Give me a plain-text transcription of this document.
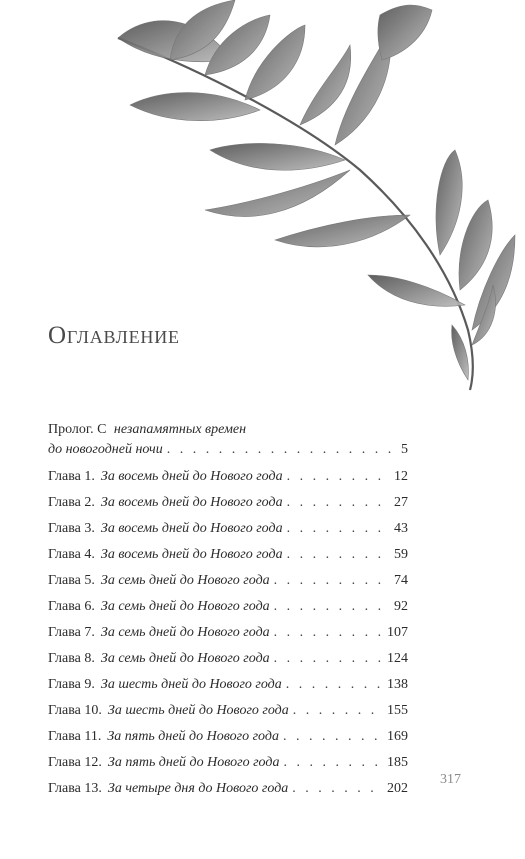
Оглавление
Пролог. С незапамятных времен
до новогодней ночи . . .	5
Глава 1. За восемь дней до Нового года . . .	12
Глава 2. За восемь дней до Нового года . . .	27
Глава 3. За восемь дней до Нового года . . .	43
Глава 4. За восемь дней до Нового года . . .	59
Глава 5. За семь дней до Нового года . . .	74
Глава 6. За семь дней до Нового года . . .	92
Глава 7. За семь дней до Нового года . . .	107
Глава 8. За семь дней до Нового года . . .	124
Глава 9. За шесть дней до Нового года . . .	138
Глава 10. За шесть дней до Нового года . . .	155
Глава 11. За пять дней до Нового года . . .	169
Глава 12. За пять дней до Нового года . . .	185
Глава 13. За четыре дня до Нового года . . .	202
317
